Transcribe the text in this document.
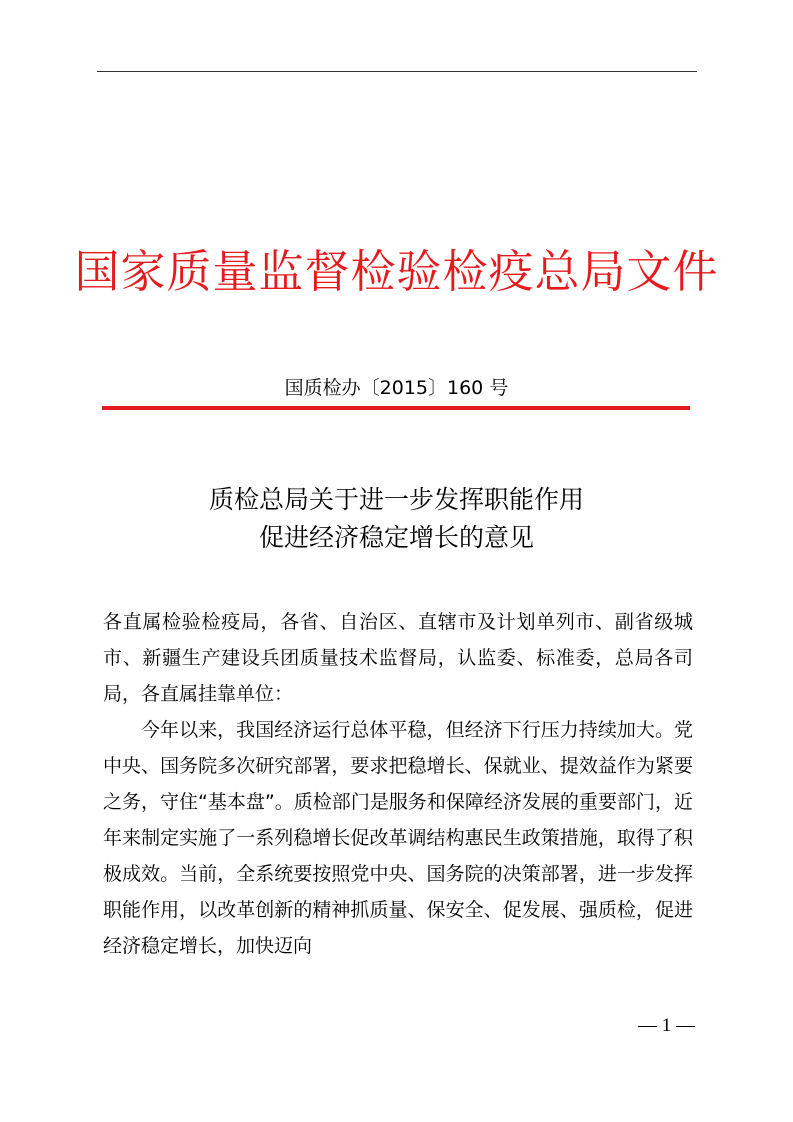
国家质量监督检验检疫总局文件
国质检办〔2015〕160 号
质检总局关于进一步发挥职能作用
促进经济稳定增长的意见

各直属检验检疫局，各省、自治区、直辖市及计划单列市、副省级城市、新疆生产建设兵团质量技术监督局，认监委、标准委，总局各司局，各直属挂靠单位：

今年以来，我国经济运行总体平稳，但经济下行压力持续加大。党中央、国务院多次研究部署，要求把稳增长、保就业、提效益作为紧要之务，守住“基本盘”。质检部门是服务和保障经济发展的重要部门，近年来制定实施了一系列稳增长促改革调结构惠民生政策措施，取得了积极成效。当前，全系统要按照党中央、国务院的决策部署，进一步发挥职能作用，以改革创新的精神抓质量、保安全、促发展、强质检，促进经济稳定增长，加快迈向

— 1 —
